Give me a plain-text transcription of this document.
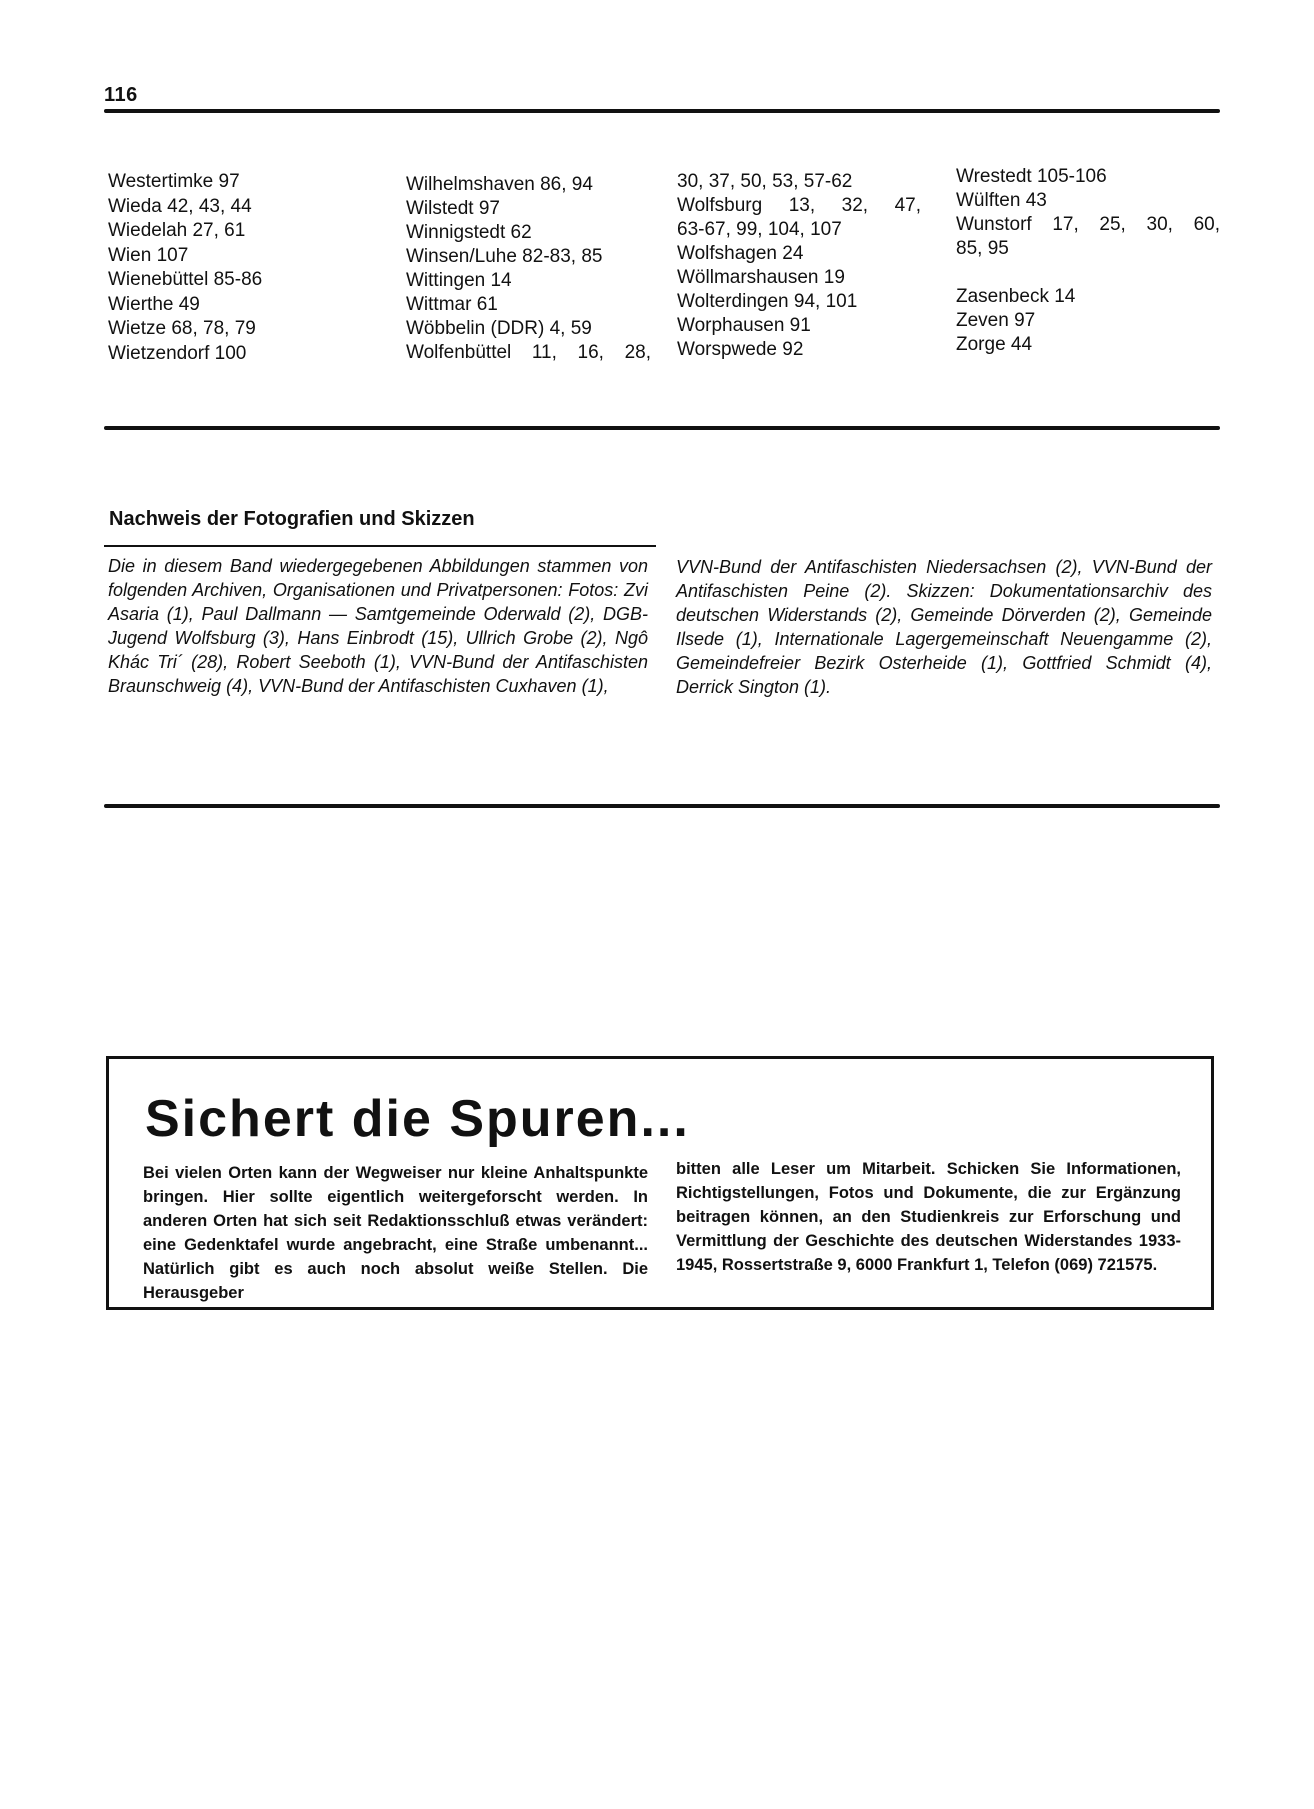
116
Westertimke 97
Wieda 42, 43, 44
Wiedelah 27, 61
Wien 107
Wienebüttel 85-86
Wierthe 49
Wietze 68, 78, 79
Wietzendorf 100
Wilhelmshaven 86, 94
Wilstedt 97
Winnigstedt 62
Winsen/Luhe 82-83, 85
Wittingen 14
Wittmar 61
Wöbbelin (DDR) 4, 59
Wolfenbüttel 11, 16, 28,
30, 37, 50, 53, 57-62
Wolfsburg 13, 32, 47,
63-67, 99, 104, 107
Wolfshagen 24
Wöllmarshausen 19
Wolterdingen 94, 101
Worphausen 91
Worspwede 92
Wrestedt 105-106
Wülften 43
Wunstorf 17, 25, 30, 60,
85, 95
Zasenbeck 14
Zeven 97
Zorge 44
Nachweis der Fotografien und Skizzen
Die in diesem Band wiedergegebenen Abbildungen stammen von folgenden Archiven, Organisationen und Privatpersonen: Fotos: Zvi Asaria (1), Paul Dallmann — Samtgemeinde Oderwald (2), DGB-Jugend Wolfsburg (3), Hans Einbrodt (15), Ullrich Grobe (2), Ngô Khác Tri´ (28), Robert Seeboth (1), VVN-Bund der Antifaschisten Braunschweig (4), VVN-Bund der Antifaschisten Cuxhaven (1),
VVN-Bund der Antifaschisten Niedersachsen (2), VVN-Bund der Antifaschisten Peine (2). Skizzen: Dokumentationsarchiv des deutschen Widerstands (2), Gemeinde Dörverden (2), Gemeinde Ilsede (1), Internationale Lagergemeinschaft Neuengamme (2), Gemeindefreier Bezirk Osterheide (1), Gottfried Schmidt (4), Derrick Sington (1).
Sichert die Spuren...
Bei vielen Orten kann der Wegweiser nur kleine Anhaltspunkte bringen. Hier sollte eigentlich weitergeforscht werden. In anderen Orten hat sich seit Redaktionsschluß etwas verändert: eine Gedenktafel wurde angebracht, eine Straße umbenannt... Natürlich gibt es auch noch absolut weiße Stellen. Die Herausgeber
bitten alle Leser um Mitarbeit. Schicken Sie Informationen, Richtigstellungen, Fotos und Dokumente, die zur Ergänzung beitragen können, an den Studienkreis zur Erforschung und Vermittlung der Geschichte des deutschen Widerstandes 1933-1945, Rossertstraße 9, 6000 Frankfurt 1, Telefon (069) 721575.
